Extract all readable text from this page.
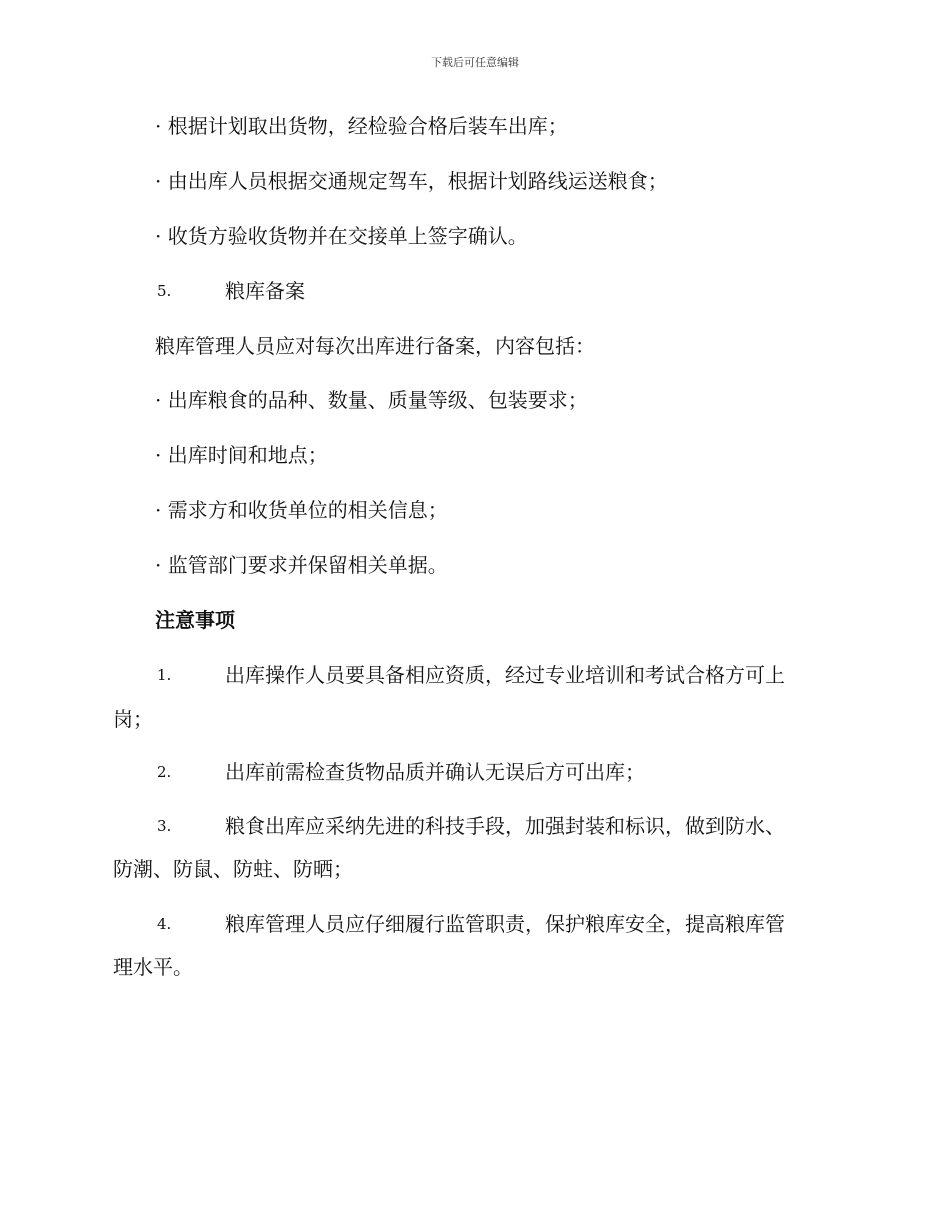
下载后可任意编辑
· 根据计划取出货物，经检验合格后装车出库；
· 由出库人员根据交通规定驾车，根据计划路线运送粮食；
· 收货方验收货物并在交接单上签字确认。
5.	粮库备案
粮库管理人员应对每次出库进行备案，内容包括：
· 出库粮食的品种、数量、质量等级、包装要求；
· 出库时间和地点；
· 需求方和收货单位的相关信息；
· 监管部门要求并保留相关单据。
注意事项
1.	出库操作人员要具备相应资质，经过专业培训和考试合格方可上
岗；
2.	出库前需检查货物品质并确认无误后方可出库；
3.	粮食出库应采纳先进的科技手段，加强封装和标识，做到防水、
防潮、防鼠、防蛀、防晒；
4.	粮库管理人员应仔细履行监管职责，保护粮库安全，提高粮库管
理水平。
